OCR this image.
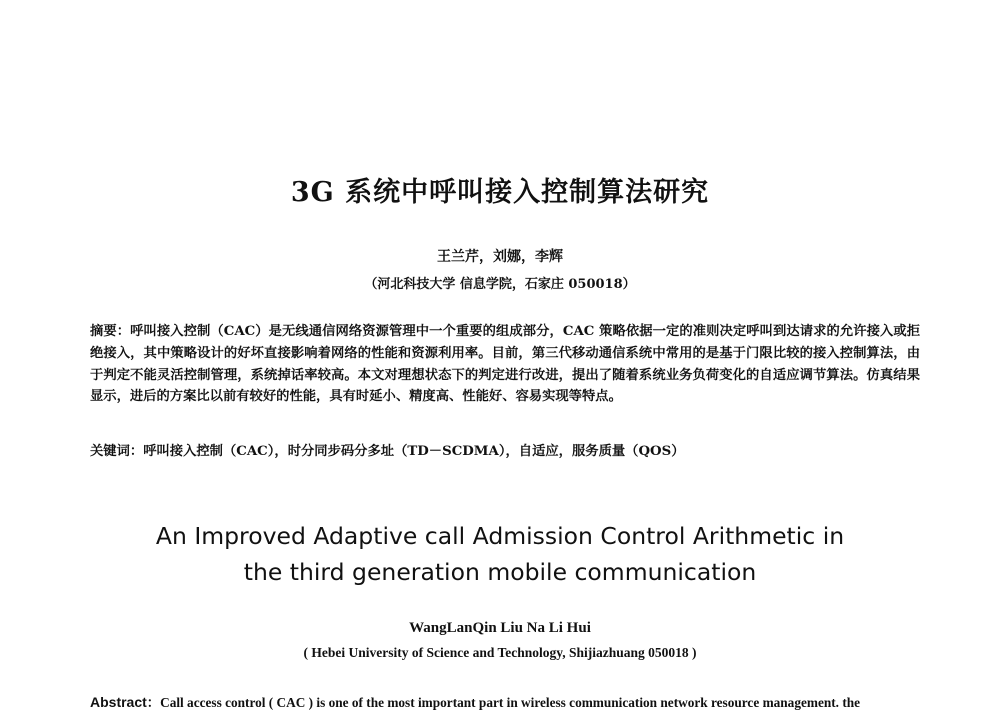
3G 系统中呼叫接入控制算法研究
王兰芹，刘娜，李辉
（河北科技大学 信息学院，石家庄 050018）
摘要：呼叫接入控制（CAC）是无线通信网络资源管理中一个重要的组成部分，CAC 策略依据一定的准则决定呼叫到达请求的允许接入或拒绝接入，其中策略设计的好坏直接影响着网络的性能和资源利用率。目前，第三代移动通信系统中常用的是基于门限比较的接入控制算法，由于判定不能灵活控制管理，系统掉话率较高。本文对理想状态下的判定进行改进，提出了随着系统业务负荷变化的自适应调节算法。仿真结果显示，进后的方案比以前有较好的性能，具有时延小、精度高、性能好、容易实现等特点。
关键词：呼叫接入控制（CAC），时分同步码分多址（TD－SCDMA），自适应，服务质量（QOS）
An Improved Adaptive call Admission Control Arithmetic in
the third generation mobile communication
WangLanQin Liu Na Li Hui
( Hebei University of Science and Technology, Shijiazhuang 050018 )
Abstract：Call access control ( CAC ) is one of the most important part in wireless communication network resource management. the
